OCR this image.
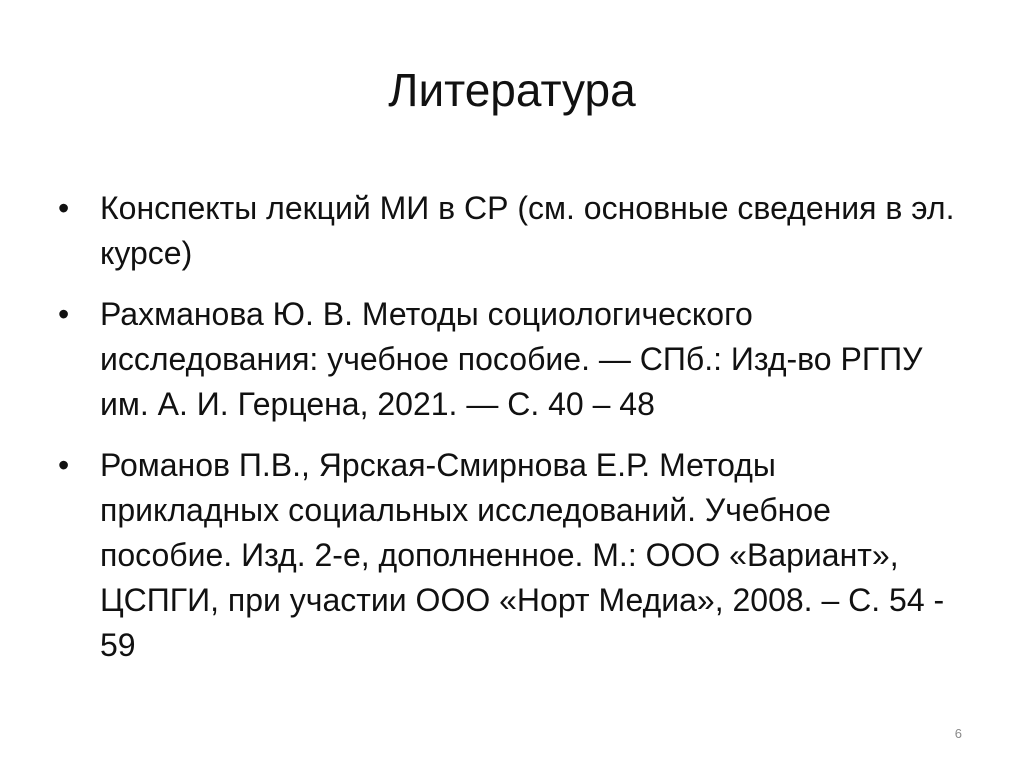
Литература
• Конспекты лекций МИ в СР (см. основные сведения в эл. курсе)
• Рахманова Ю. В. Методы социологического исследования: учебное пособие. — СПб.: Изд-во РГПУ им. А. И. Герцена, 2021. — С. 40 – 48
• Романов П.В., Ярская-Смирнова Е.Р. Методы прикладных социальных исследований. Учебное пособие. Изд. 2-е, дополненное. М.: ООО «Вариант», ЦСПГИ, при участии ООО «Норт Медиа», 2008. – С. 54 - 59
6
